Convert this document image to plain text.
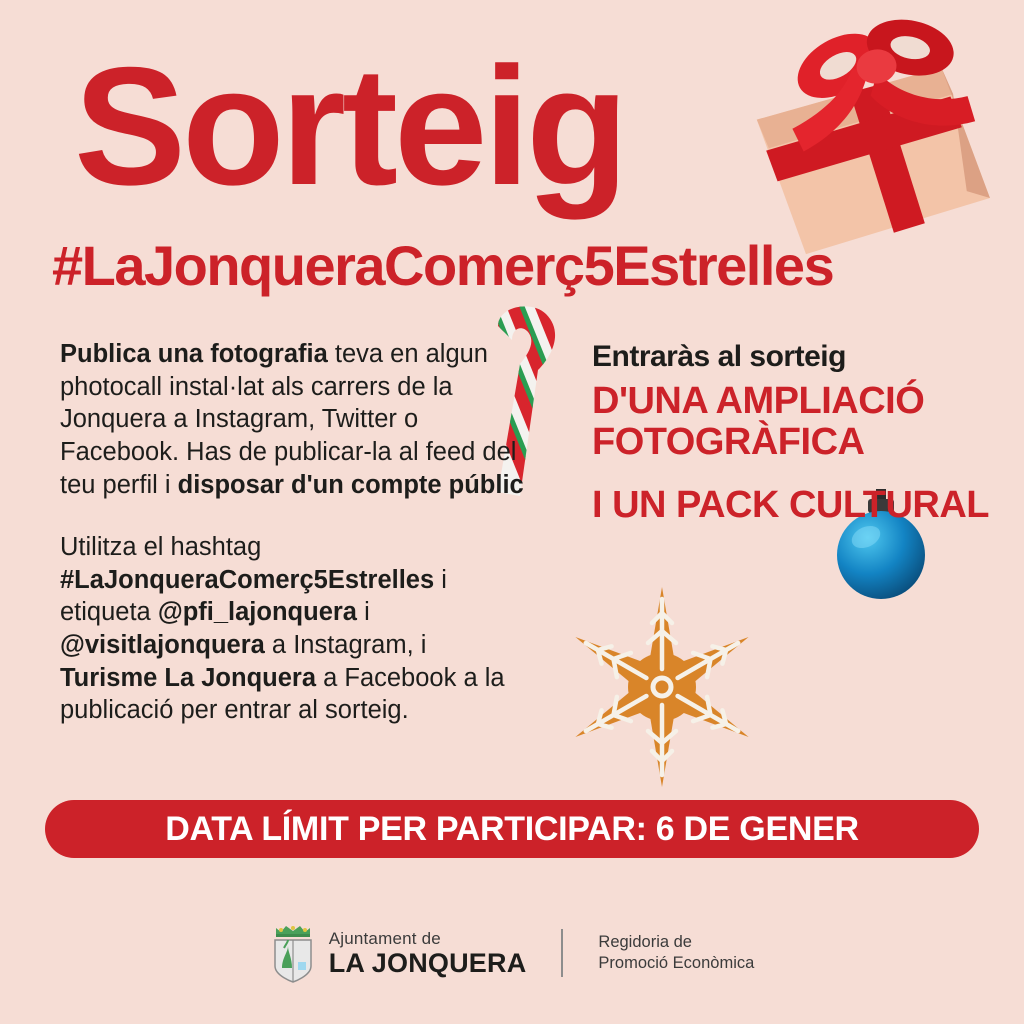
Sorteig
#LaJonqueraComerç5Estrelles

Publica una fotografia teva en algun photocall instal·lat als carrers de la Jonquera a Instagram, Twitter o Facebook. Has de publicar-la al feed del teu perfil i disposar d'un compte públic

Utilitza el hashtag #LaJonqueraComerç5Estrelles i etiqueta @pfi_lajonquera i @visitlajonquera a Instagram, i Turisme La Jonquera a Facebook a la publicació per entrar al sorteig.

Entraràs al sorteig
D'UNA AMPLIACIÓ FOTOGRÀFICA
I UN PACK CULTURAL
DATA LÍMIT PER PARTICIPAR: 6 DE GENER
Ajuntament de
LA JONQUERA
Regidoria de
Promoció Econòmica
